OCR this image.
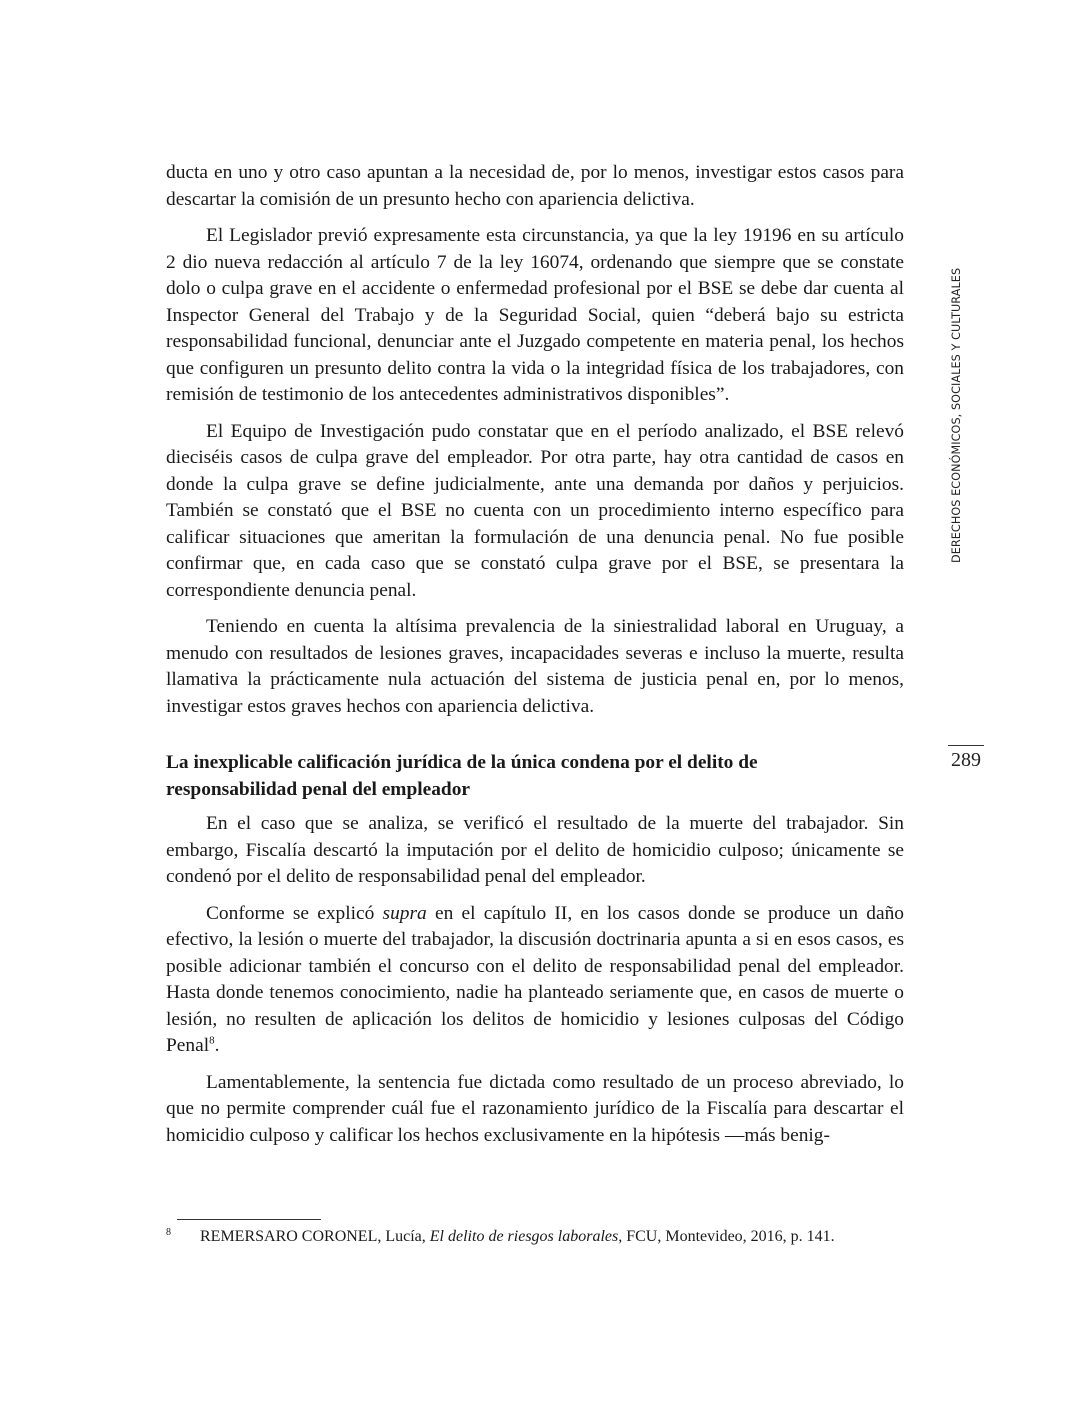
ducta en uno y otro caso apuntan a la necesidad de, por lo menos, investigar estos casos para descartar la comisión de un presunto hecho con apariencia delictiva.

El Legislador previó expresamente esta circunstancia, ya que la ley 19196 en su artículo 2 dio nueva redacción al artículo 7 de la ley 16074, ordenando que siempre que se constate dolo o culpa grave en el accidente o enfermedad profesional por el BSE se debe dar cuenta al Inspector General del Trabajo y de la Seguridad Social, quien “deberá bajo su estricta responsabilidad funcional, denunciar ante el Juzgado competente en materia penal, los hechos que configuren un presunto delito contra la vida o la integridad física de los trabajadores, con remisión de testimonio de los antecedentes administrativos disponibles”.

El Equipo de Investigación pudo constatar que en el período analizado, el BSE relevó dieciséis casos de culpa grave del empleador. Por otra parte, hay otra cantidad de casos en donde la culpa grave se define judicialmente, ante una demanda por daños y perjuicios. También se constató que el BSE no cuenta con un procedimiento interno específico para calificar situaciones que ameritan la formulación de una denuncia penal. No fue posible confirmar que, en cada caso que se constató culpa grave por el BSE, se presentara la correspondiente denuncia penal.

Teniendo en cuenta la altísima prevalencia de la siniestralidad laboral en Uruguay, a menudo con resultados de lesiones graves, incapacidades severas e incluso la muerte, resulta llamativa la prácticamente nula actuación del sistema de justicia penal en, por lo menos, investigar estos graves hechos con apariencia delictiva.

La inexplicable calificación jurídica de la única condena por el delito de responsabilidad penal del empleador

En el caso que se analiza, se verificó el resultado de la muerte del trabajador. Sin embargo, Fiscalía descartó la imputación por el delito de homicidio culposo; únicamente se condenó por el delito de responsabilidad penal del empleador.

Conforme se explicó supra en el capítulo II, en los casos donde se produce un daño efectivo, la lesión o muerte del trabajador, la discusión doctrinaria apunta a si en esos casos, es posible adicionar también el concurso con el delito de responsabilidad penal del empleador. Hasta donde tenemos conocimiento, nadie ha planteado seriamente que, en casos de muerte o lesión, no resulten de aplicación los delitos de homicidio y lesiones culposas del Código Penal$^8$.

Lamentablemente, la sentencia fue dictada como resultado de un proceso abreviado, lo que no permite comprender cuál fue el razonamiento jurídico de la Fiscalía para descartar el homicidio culposo y calificar los hechos exclusivamente en la hipótesis —más benig-

DERECHOS ECONÓMICOS, SOCIALES Y CULTURALES
289
8 REMERSARO CORONEL, Lucía, El delito de riesgos laborales, FCU, Montevideo, 2016, p. 141.
